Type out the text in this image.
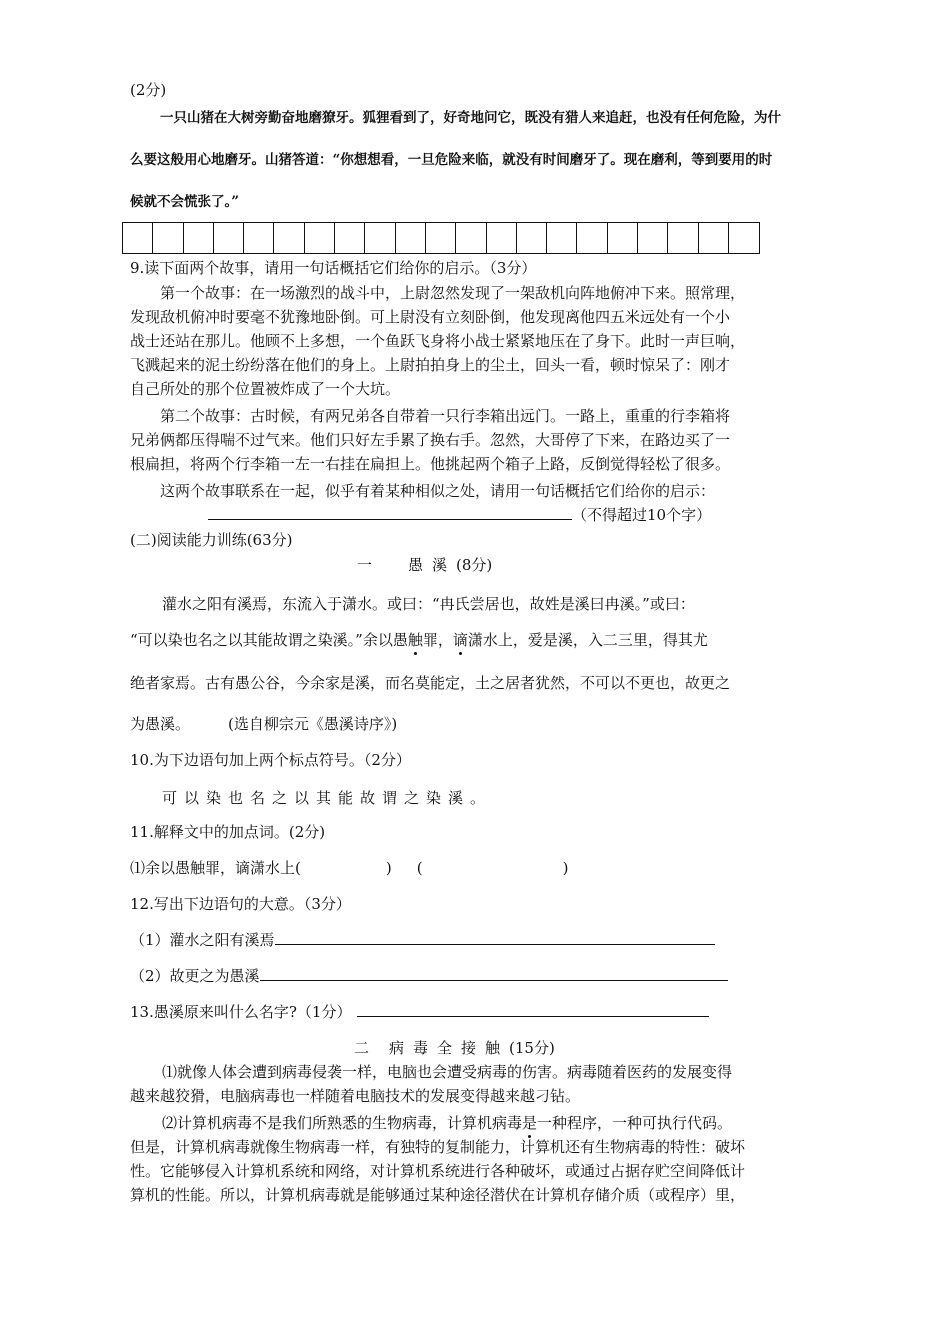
(2分)
一只山猪在大树旁勤奋地磨獠牙。狐狸看到了，好奇地问它，既没有猎人来追赶，也没有任何危险，为什
么要这般用心地磨牙。山猪答道：“你想想看，一旦危险来临，就没有时间磨牙了。现在磨利，等到要用的时
候就不会慌张了。”
9.读下面两个故事，请用一句话概括它们给你的启示。（3分）
第一个故事：在一场激烈的战斗中，上尉忽然发现了一架敌机向阵地俯冲下来。照常理，
发现敌机俯冲时要毫不犹豫地卧倒。可上尉没有立刻卧倒，他发现离他四五米远处有一个小
战士还站在那儿。他顾不上多想，一个鱼跃飞身将小战士紧紧地压在了身下。此时一声巨响，
飞溅起来的泥土纷纷落在他们的身上。上尉拍拍身上的尘土，回头一看，顿时惊呆了：刚才
自己所处的那个位置被炸成了一个大坑。
第二个故事：古时候，有两兄弟各自带着一只行李箱出远门。一路上，重重的行李箱将
兄弟俩都压得喘不过气来。他们只好左手累了换右手。忽然，大哥停了下来，在路边买了一
根扁担，将两个行李箱一左一右挂在扁担上。他挑起两个箱子上路，反倒觉得轻松了很多。
这两个故事联系在一起，似乎有着某种相似之处，请用一句话概括它们给你的启示：
（不得超过10个字）
(二)阅读能力训练(63分)
一 愚溪(8分)
灌水之阳有溪焉，东流入于潇水。或曰：“冉氏尝居也，故姓是溪曰冉溪。”或曰：
“可以染也名之以其能故谓之染溪。”余以愚触罪，谪潇水上，爱是溪，入二三里，得其尤
绝者家焉。古有愚公谷，今余家是溪，而名莫能定，土之居者犹然，不可以不更也，故更之
为愚溪。	(选自柳宗元《愚溪诗序》)
10.为下边语句加上两个标点符号。（2分）
可以染也名之以其能故谓之染溪。
11.解释文中的加点词。(2分)
⑴余以愚触罪，谪潇水上(	) (	)
12.写出下边语句的大意。（3分）
（1）灌水之阳有溪焉
（2）故更之为愚溪
13.愚溪原来叫什么名字?（1分）
二 病毒全接触(15分)
⑴就像人体会遭到病毒侵袭一样，电脑也会遭受病毒的伤害。病毒随着医药的发展变得
越来越狡猾，电脑病毒也一样随着电脑技术的发展变得越来越刁钻。
⑵计算机病毒不是我们所熟悉的生物病毒，计算机病毒是一种程序，一种可执行代码。
但是，计算机病毒就像生物病毒一样，有独特的复制能力，计算机还有生物病毒的特性：破坏
性。它能够侵入计算机系统和网络，对计算机系统进行各种破坏，或通过占据存贮空间降低计
算机的性能。所以，计算机病毒就是能够通过某种途径潜伏在计算机存储介质（或程序）里，
